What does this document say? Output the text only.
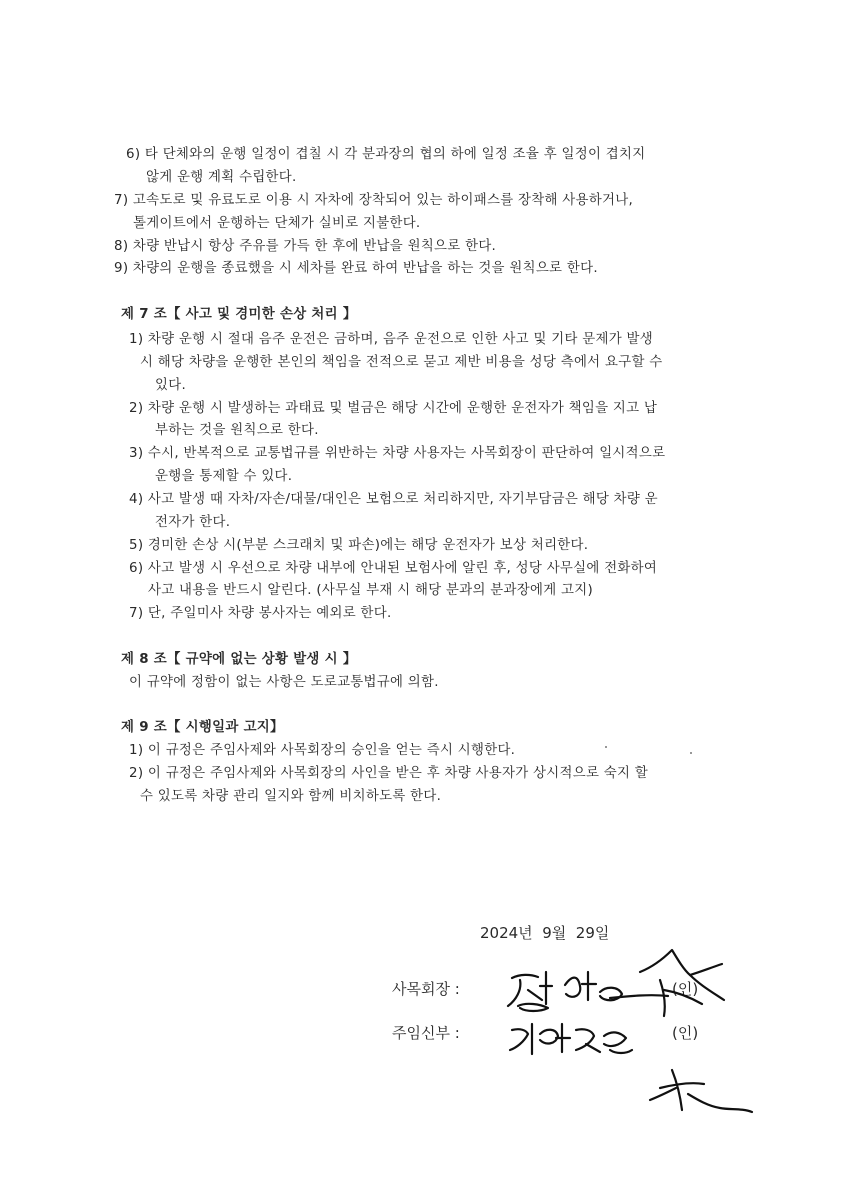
6) 타 단체와의 운행 일정이 겹칠 시 각 분과장의 협의 하에 일정 조율 후 일정이 겹치지
않게 운행 계획 수립한다.
7) 고속도로 및 유료도로 이용 시 자차에 장착되어 있는 하이패스를 장착해 사용하거나,
톨게이트에서 운행하는 단체가 실비로 지불한다.
8) 차량 반납시 항상 주유를 가득 한 후에 반납을 원칙으로 한다.
9) 차량의 운행을 종료했을 시 세차를 완료 하여 반납을 하는 것을 원칙으로 한다.
제 7 조【 사고 및 경미한 손상 처리 】
1) 차량 운행 시 절대 음주 운전은 금하며, 음주 운전으로 인한 사고 및 기타 문제가 발생
시 해당 차량을 운행한 본인의 책임을 전적으로 묻고 제반 비용을 성당 측에서 요구할 수
있다.
2) 차량 운행 시 발생하는 과태료 및 벌금은 해당 시간에 운행한 운전자가 책임을 지고 납
부하는 것을 원칙으로 한다.
3) 수시, 반복적으로 교통법규를 위반하는 차량 사용자는 사목회장이 판단하여 일시적으로
운행을 통제할 수 있다.
4) 사고 발생 때 자차/자손/대물/대인은 보험으로 처리하지만, 자기부담금은 해당 차량 운
전자가 한다.
5) 경미한 손상 시(부분 스크래치 및 파손)에는 해당 운전자가 보상 처리한다.
6) 사고 발생 시 우선으로 차량 내부에 안내된 보험사에 알린 후, 성당 사무실에 전화하여
사고 내용을 반드시 알린다. (사무실 부재 시 해당 분과의 분과장에게 고지)
7) 단, 주일미사 차량 봉사자는 예외로 한다.
제 8 조【 규약에 없는 상황 발생 시 】
이 규약에 정함이 없는 사항은 도로교통법규에 의함.
제 9 조【 시행일과 고지】
1) 이 규정은 주임사제와 사목회장의 승인을 얻는 즉시 시행한다.
2) 이 규정은 주임사제와 사목회장의 사인을 받은 후 차량 사용자가 상시적으로 숙지 할
수 있도록 차량 관리 일지와 함께 비치하도록 한다.
2024년  9월  29일
사목회장 :	(인)
주임신부 :	(인)
